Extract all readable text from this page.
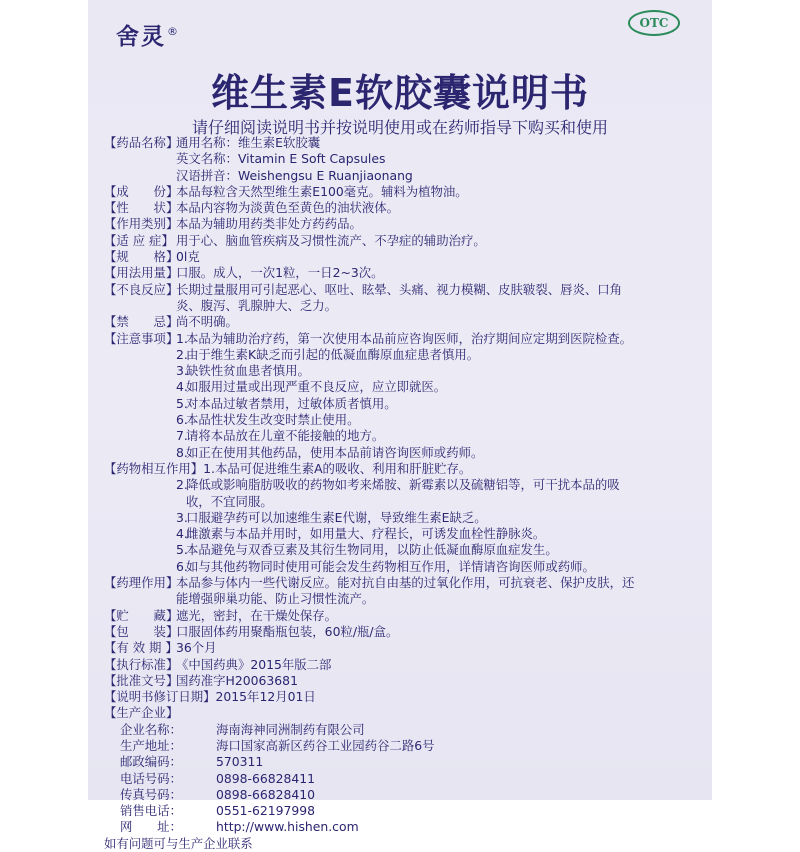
舍灵®
OTC
维生素E软胶囊说明书
请仔细阅读说明书并按说明使用或在药师指导下购买和使用
【药品名称】
通用名称：维生素E软胶囊
英文名称：Vitamin E Soft Capsules
汉语拼音：Weishengsu E Ruanjiaonang
【成　　份】
本品每粒含天然型维生素E100毫克。辅料为植物油。
【性　　状】
本品内容物为淡黄色至黄色的油状液体。
【作用类别】
本品为辅助用药类非处方药药品。
【适 应 症】 用于心、脑血管疾病及习惯性流产、不孕症的辅助治疗。
【规　　格】
0l克
【用法用量】
口服。成人，一次1粒，一日2~3次。
【不良反应】
长期过量服用可引起恶心、呕吐、眩晕、头痛、视力模糊、皮肤皲裂、唇炎、口角炎、腹泻、乳腺肿大、乏力。
【禁　　忌】
尚不明确。
【注意事项】
1.
本品为辅助治疗药，第一次使用本品前应咨询医师，治疗期间应定期到医院检查。
2.
由于维生素K缺乏而引起的低凝血酶原血症患者慎用。
3.
缺铁性贫血患者慎用。
4.
如服用过量或出现严重不良反应，应立即就医。
5.
对本品过敏者禁用，过敏体质者慎用。
6.
本品性状发生改变时禁止使用。
7.
请将本品放在儿童不能接触的地方。
8.
如正在使用其他药品，使用本品前请咨询医师或药师。
【药物相互作用】 1.本品可促进维生素A的吸收、利用和肝脏贮存。
2.
降低或影响脂肪吸收的药物如考来烯胺、新霉素以及硫糖铝等，可干扰本品的吸收，不宜同服。
3.
口服避孕药可以加速维生素E代谢，导致维生素E缺乏。
4.
雌激素与本品并用时，如用量大、疗程长，可诱发血栓性静脉炎。
5.
本品避免与双香豆素及其衍生物同用，以防止低凝血酶原血症发生。
6.
如与其他药物同时使用可能会发生药物相互作用，详情请咨询医师或药师。
【药理作用】
本品参与体内一些代谢反应。能对抗自由基的过氧化作用，可抗衰老、保护皮肤，还能增强卵巢功能、防止习惯性流产。
【贮　　藏】
遮光，密封，在干燥处保存。
【包　　装】
口服固体药用聚酯瓶包装，60粒/瓶/盒。
【有 效 期 】
36个月
【执行标准】
《中国药典》2015年版二部
【批准文号】
国药准字H20063681
【说明书修订日期】 2015年12月01日
【生产企业】
企业名称：	海南海神同洲制药有限公司
生产地址：	海口国家高新区药谷工业园药谷二路6号
邮政编码：	570311
电话号码：	0898-66828411
传真号码：	0898-66828410
销售电话：	0551-62197998
网　　址：	http://www.hishen.com
如有问题可与生产企业联系
